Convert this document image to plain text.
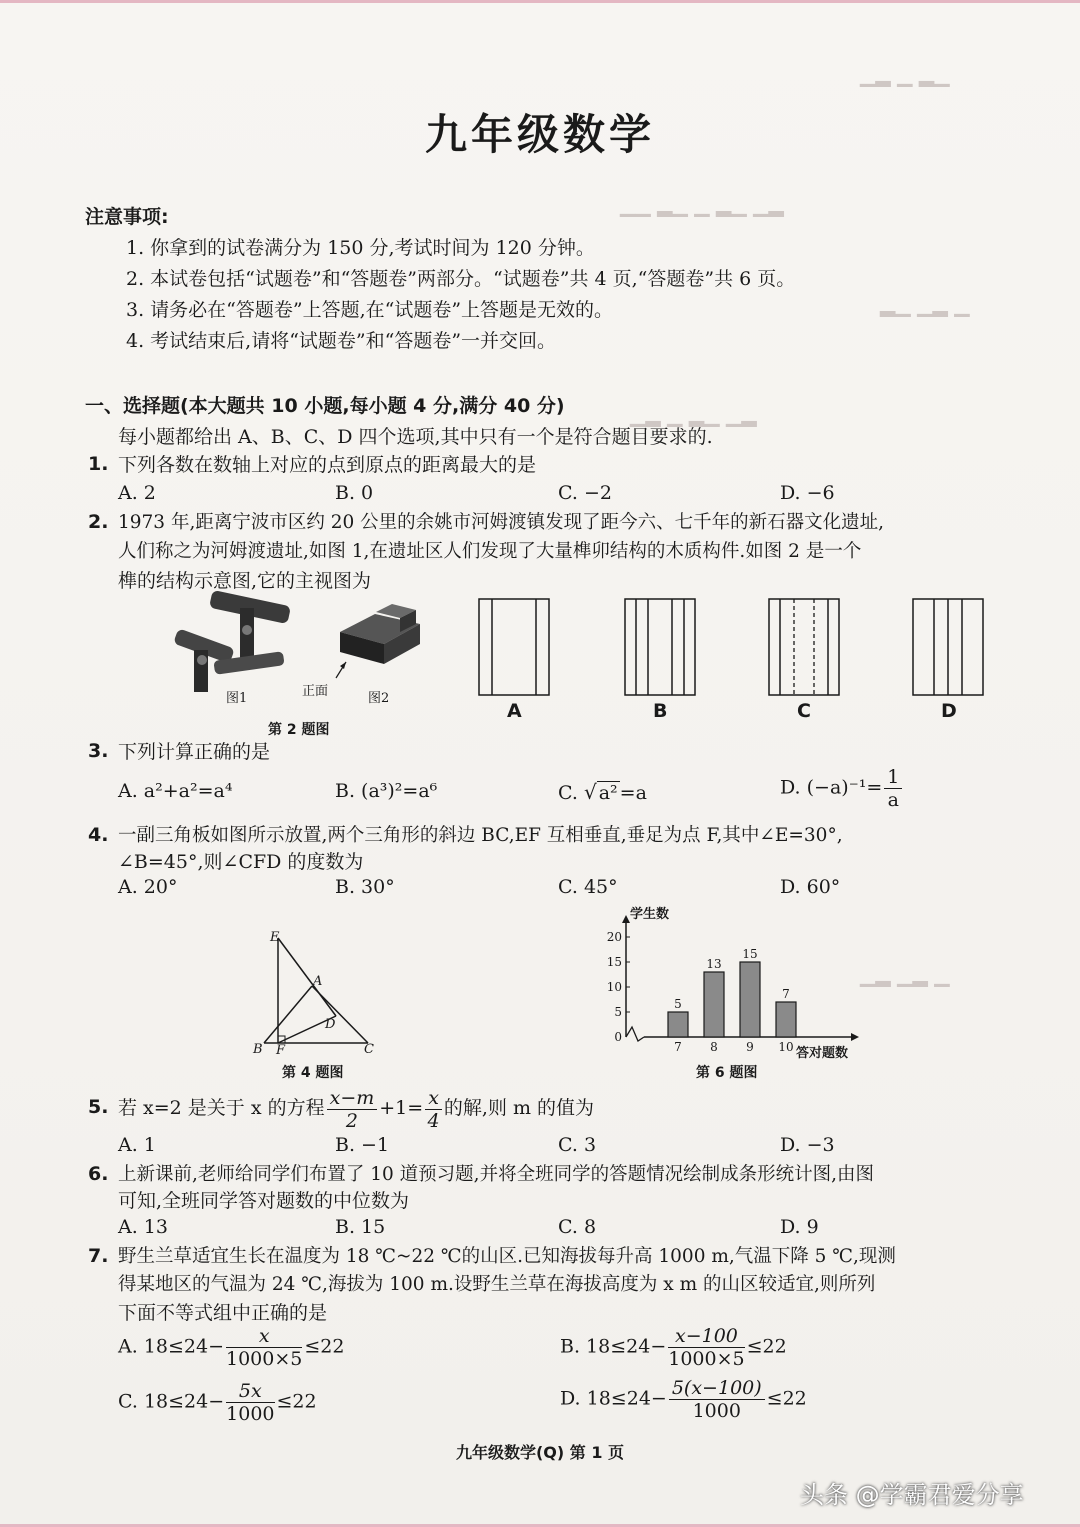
▁▂ ▁ ▂▁
▁▁ ▂▁ ▁ ▂▁ ▁▂
▂▁ ▁▂ ▁
▁▂ ▁ ▂▁ ▁▂
▁▂ ▁▂ ▁
九年级数学
注意事项:
1. 你拿到的试卷满分为 150 分,考试时间为 120 分钟。
2. 本试卷包括“试题卷”和“答题卷”两部分。“试题卷”共 4 页,“答题卷”共 6 页。
3. 请务必在“答题卷”上答题,在“试题卷”上答题是无效的。
4. 考试结束后,请将“试题卷”和“答题卷”一并交回。
一、选择题(本大题共 10 小题,每小题 4 分,满分 40 分)
每小题都给出 A、B、C、D 四个选项,其中只有一个是符合题目要求的.
1. 下列各数在数轴上对应的点到原点的距离最大的是
A. 2	B. 0	C. −2	D. −6
2. 1973 年,距离宁波市区约 20 公里的余姚市河姆渡镇发现了距今六、七千年的新石器文化遗址,
人们称之为河姆渡遗址,如图 1,在遗址区人们发现了大量榫卯结构的木质构件.如图 2 是一个
榫的结构示意图,它的主视图为
图1	正面	图2
第 2 题图
A	B	C	D
3. 下列计算正确的是
A. a²+a²=a⁴	B. (a³)²=a⁶	C. √ a² =a	D. $(-a)^{-1}= \frac{1}{a}$
4. 一副三角板如图所示放置,两个三角形的斜边 BC,EF 互相垂直,垂足为点 F,其中∠E=30°,
∠B=45°,则∠CFD 的度数为
A. 20°	B. 30°	C. 45°	D. 60°
E
A
D
B F	C
第 4 题图
0
5
10
15
20
5
7
13
8
15
9
7
10
学生数
答对题数
第 6 题图
5. 若 x=2 是关于 x 的方程 $\frac{x-m}{2} +1= \frac{x}{4}$ 的解,则 m 的值为
A. 1	B. −1	C. 3	D. −3
6. 上新课前,老师给同学们布置了 10 道预习题,并将全班同学的答题情况绘制成条形统计图,由图
可知,全班同学答对题数的中位数为
A. 13	B. 15	C. 8	D. 9
7. 野生兰草适宜生长在温度为 18 ℃~22 ℃的山区.已知海拔每升高 1000 m,气温下降 5 ℃,现测
得某地区的气温为 24 ℃,海拔为 100 m.设野生兰草在海拔高度为 x m 的山区较适宜,则所列
下面不等式组中正确的是
A. $18\le 24- \frac{x}{1000\times 5} \le 22$	B. $18\le 24- \frac{x-100}{1000\times 5} \le 22$
C. $18\le 24- \frac{5x}{1000} \le 22$	D. $18\le 24- \frac{5(x-100)}{1000} \le 22$
九年级数学(Q) 第 1 页
头条 @学霸君爱分享
